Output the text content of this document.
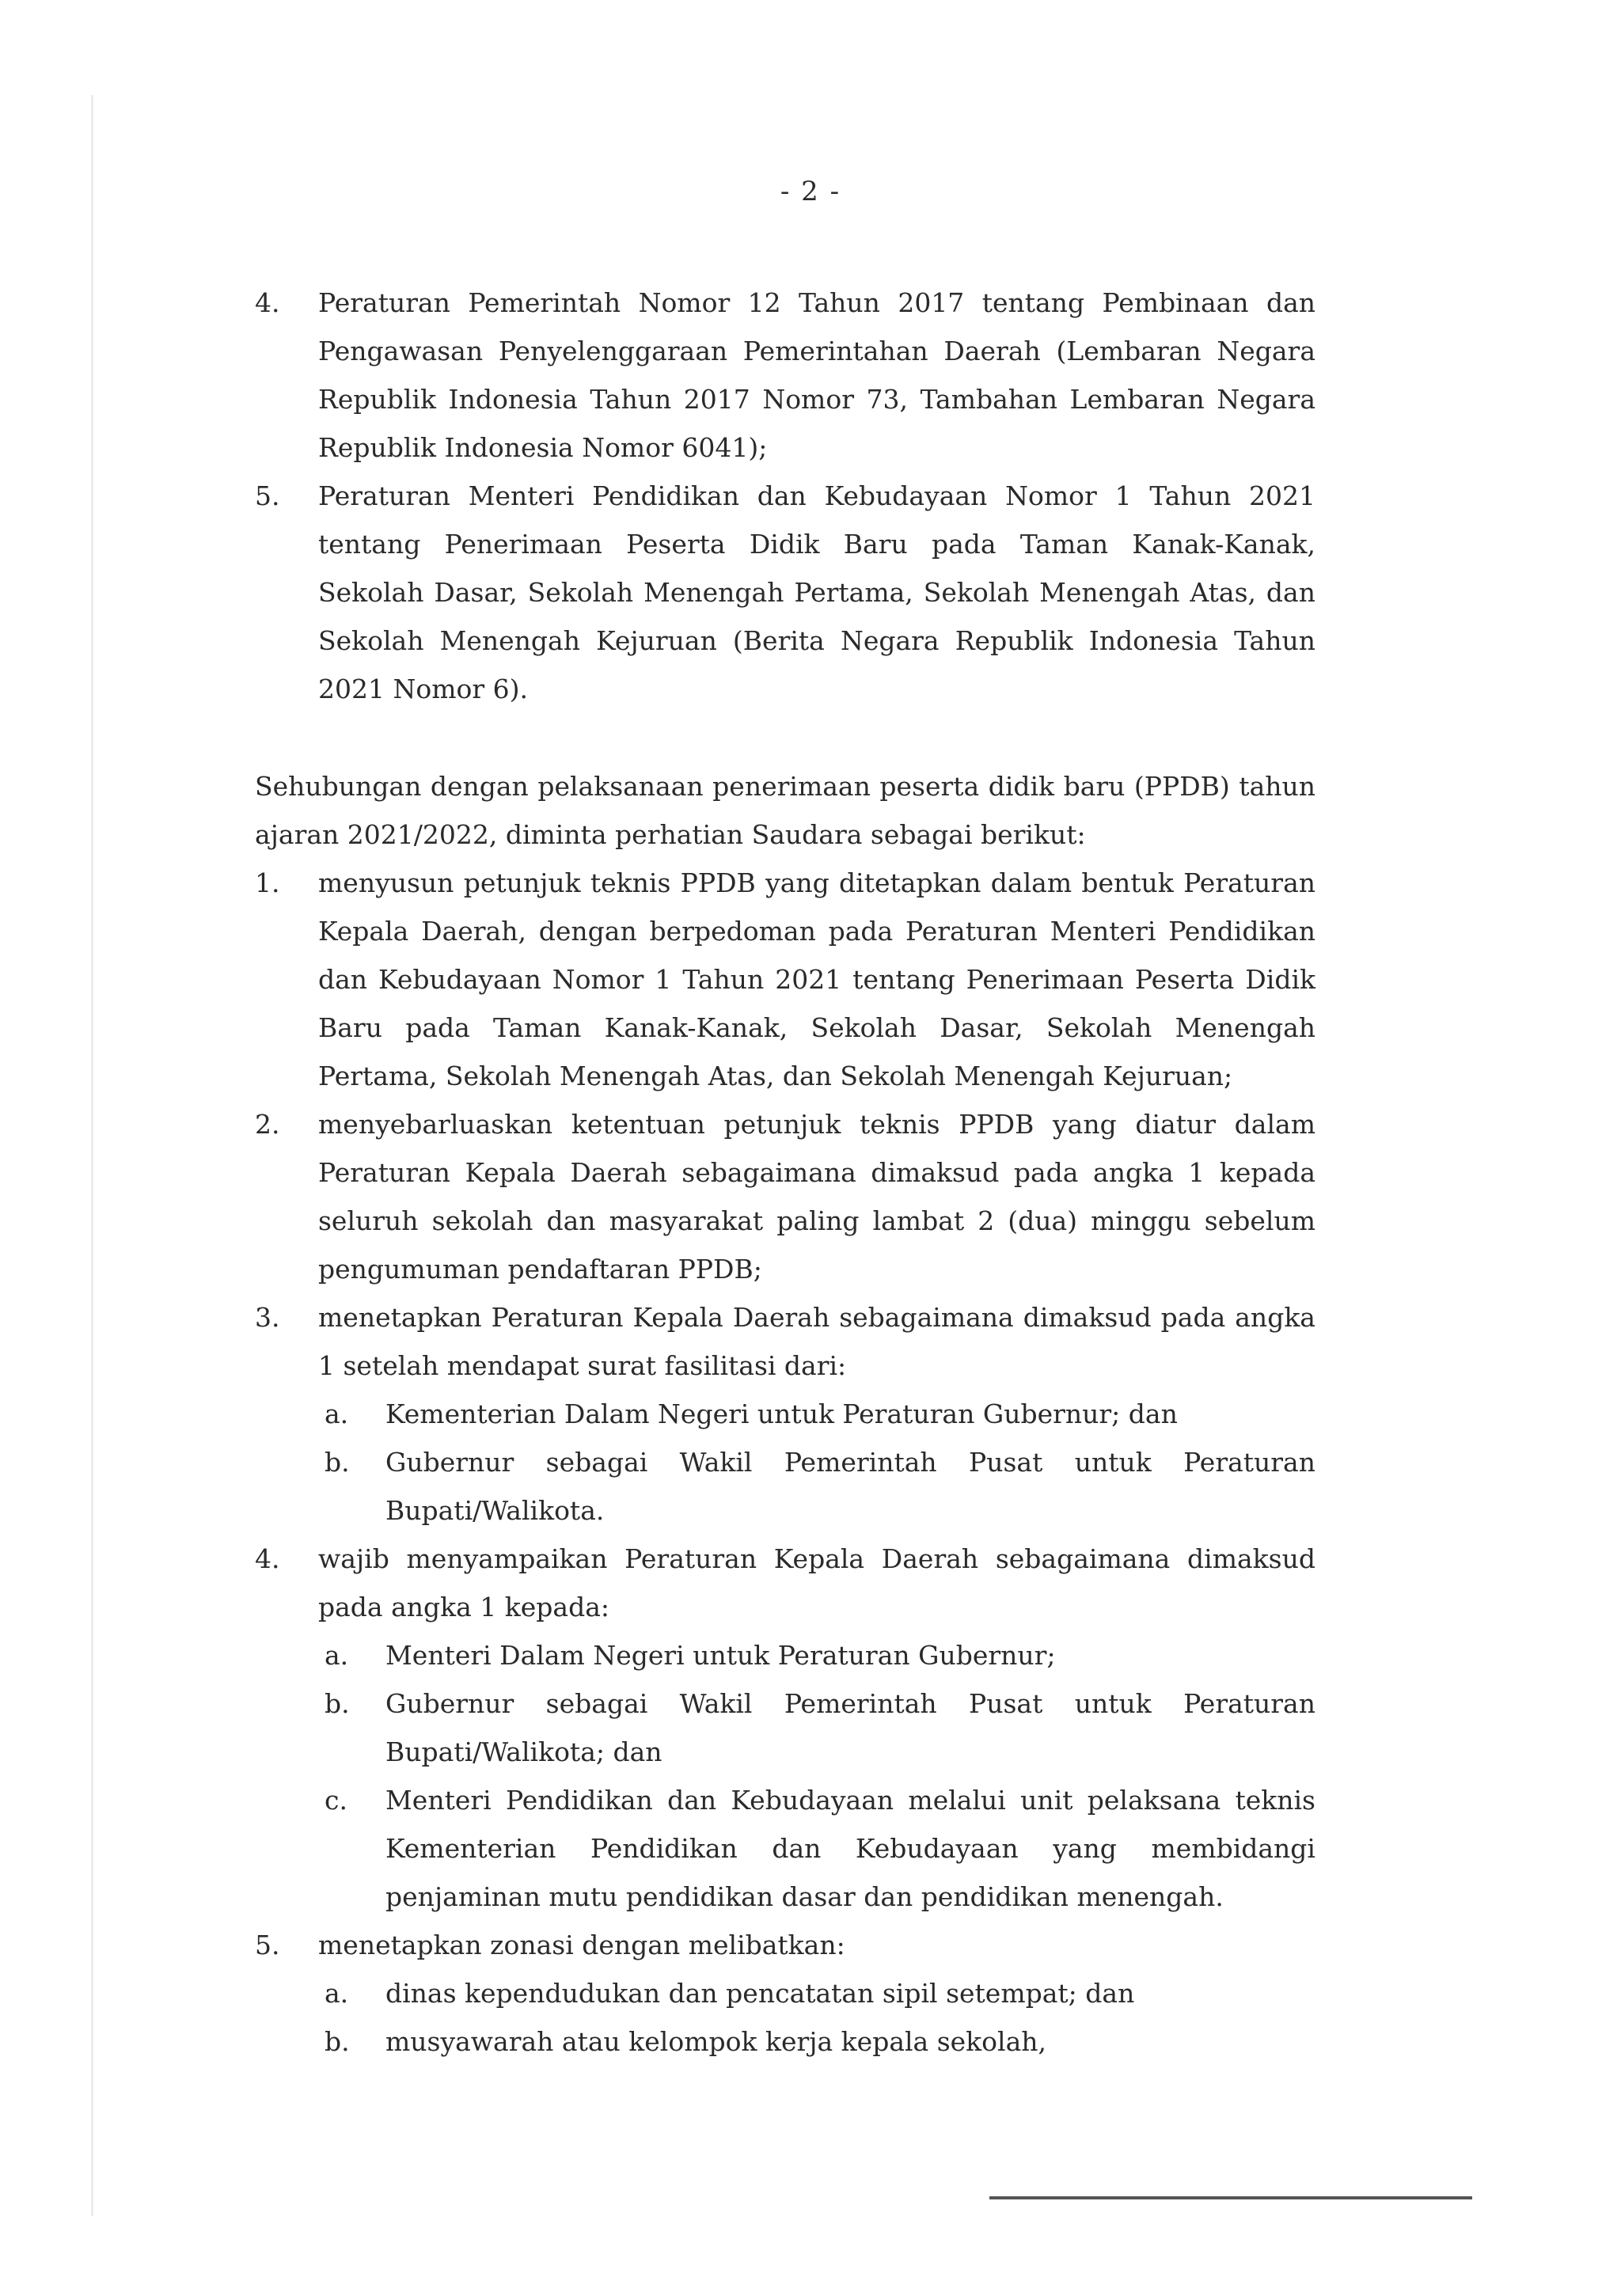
- 2 -
4. Peraturan Pemerintah Nomor 12 Tahun 2017 tentang Pembinaan dan Pengawasan Penyelenggaraan Pemerintahan Daerah (Lembaran Negara Republik Indonesia Tahun 2017 Nomor 73, Tambahan Lembaran Negara Republik Indonesia Nomor 6041);
5. Peraturan Menteri Pendidikan dan Kebudayaan Nomor 1 Tahun 2021 tentang Penerimaan Peserta Didik Baru pada Taman Kanak-Kanak, Sekolah Dasar, Sekolah Menengah Pertama, Sekolah Menengah Atas, dan Sekolah Menengah Kejuruan (Berita Negara Republik Indonesia Tahun 2021 Nomor 6).
Sehubungan dengan pelaksanaan penerimaan peserta didik baru (PPDB) tahun ajaran 2021/2022, diminta perhatian Saudara sebagai berikut:
1. menyusun petunjuk teknis PPDB yang ditetapkan dalam bentuk Peraturan Kepala Daerah, dengan berpedoman pada Peraturan Menteri Pendidikan dan Kebudayaan Nomor 1 Tahun 2021 tentang Penerimaan Peserta Didik Baru pada Taman Kanak-Kanak, Sekolah Dasar, Sekolah Menengah Pertama, Sekolah Menengah Atas, dan Sekolah Menengah Kejuruan;
2. menyebarluaskan ketentuan petunjuk teknis PPDB yang diatur dalam Peraturan Kepala Daerah sebagaimana dimaksud pada angka 1 kepada seluruh sekolah dan masyarakat paling lambat 2 (dua) minggu sebelum pengumuman pendaftaran PPDB;
3. menetapkan Peraturan Kepala Daerah sebagaimana dimaksud pada angka 1 setelah mendapat surat fasilitasi dari:
a. Kementerian Dalam Negeri untuk Peraturan Gubernur; dan
b. Gubernur sebagai Wakil Pemerintah Pusat untuk Peraturan Bupati/Walikota.
4. wajib menyampaikan Peraturan Kepala Daerah sebagaimana dimaksud pada angka 1 kepada:
a. Menteri Dalam Negeri untuk Peraturan Gubernur;
b. Gubernur sebagai Wakil Pemerintah Pusat untuk Peraturan Bupati/Walikota; dan
c. Menteri Pendidikan dan Kebudayaan melalui unit pelaksana teknis Kementerian Pendidikan dan Kebudayaan yang membidangi penjaminan mutu pendidikan dasar dan pendidikan menengah.
5. menetapkan zonasi dengan melibatkan:
a. dinas kependudukan dan pencatatan sipil setempat; dan
b. musyawarah atau kelompok kerja kepala sekolah,
